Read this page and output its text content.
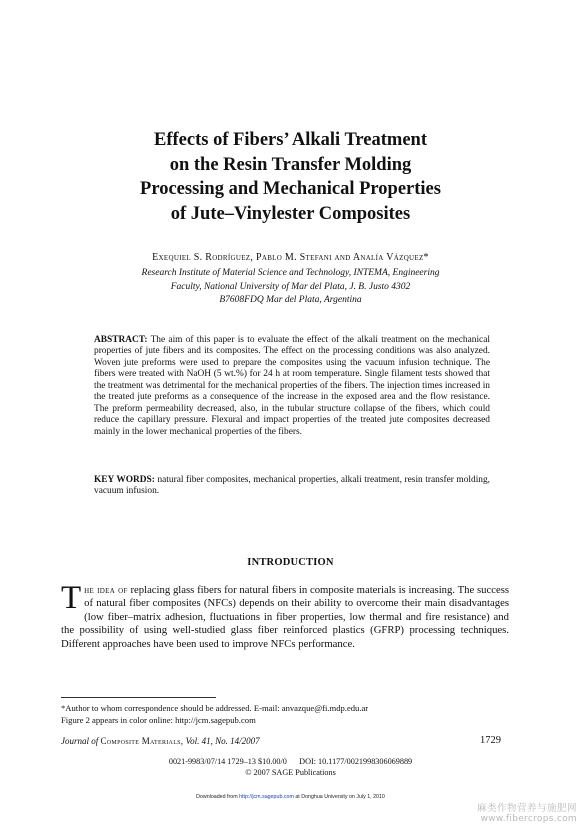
Effects of Fibers’ Alkali Treatment
on the Resin Transfer Molding
Processing and Mechanical Properties
of Jute–Vinylester Composites
Exequiel S. Rodríguez, Pablo M. Stefani and Analía Vázquez*
Research Institute of Material Science and Technology, INTEMA, Engineering
Faculty, National University of Mar del Plata, J. B. Justo 4302
B7608FDQ Mar del Plata, Argentina
ABSTRACT: The aim of this paper is to evaluate the effect of the alkali treatment on the mechanical properties of jute fibers and its composites. The effect on the processing conditions was also analyzed. Woven jute preforms were used to prepare the composites using the vacuum infusion technique. The fibers were treated with NaOH (5 wt.%) for 24 h at room temperature. Single filament tests showed that the treatment was detrimental for the mechanical properties of the fibers. The injection times increased in the treated jute preforms as a consequence of the increase in the exposed area and the flow resistance. The preform permeability decreased, also, in the tubular structure collapse of the fibers, which could reduce the capillary pressure. Flexural and impact properties of the treated jute composites decreased mainly in the lower mechanical properties of the fibers.
KEY WORDS: natural fiber composites, mechanical properties, alkali treatment, resin transfer molding, vacuum infusion.
INTRODUCTION
T he idea of replacing glass fibers for natural fibers in composite materials is increasing. The success of natural fiber composites (NFCs) depends on their ability to overcome their main disadvantages (low fiber–matrix adhesion, fluctuations in fiber properties, low thermal and fire resistance) and the possibility of using well-studied glass fiber reinforced plastics (GFRP) processing techniques. Different approaches have been used to improve NFCs performance.
*Author to whom correspondence should be addressed. E-mail: anvazque@fi.mdp.edu.ar
Figure 2 appears in color online: http://jcm.sagepub.com
Journal of Composite Materials, Vol. 41, No. 14/2007	1729
0021-9983/07/14 1729–13 $10.00/0      DOI: 10.1177/0021998306069889
© 2007 SAGE Publications
Downloaded from http://jcm.sagepub.com at Donghua University on July 1, 2010
麻类作物营养与施肥网
www.fibercrops.com
